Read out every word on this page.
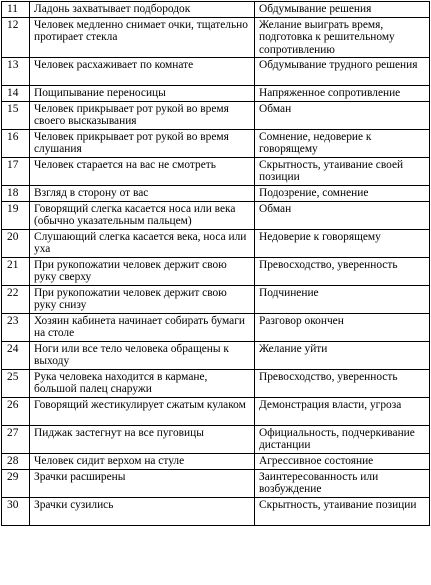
11	Ладонь захватывает подбородок	Обдумывание решения
12	Человек медленно снимает очки, тщательно протирает стекла	Желание выиграть время, подготовка к решительному сопротивлению
13	Человек расхаживает по комнате	Обдумывание трудного решения
14	Пощипывание переносицы	Напряженное сопротивление
15	Человек прикрывает рот рукой во время своего высказывания	Обман
16	Человек прикрывает рот рукой во время слушания	Сомнение, недоверие к говорящему
17	Человек старается на вас не смотреть	Скрытность, утаивание своей позиции
18	Взгляд в сторону от вас	Подозрение, сомнение
19	Говорящий слегка касается носа или века (обычно указательным пальцем)	Обман
20	Слушающий слегка касается века, носа или уха	Недоверие к говорящему
21	При рукопожатии человек держит свою руку сверху	Превосходство, уверенность
22	При рукопожатии человек держит свою руку снизу	Подчинение
23	Хозяин кабинета начинает собирать бумаги на столе	Разговор окончен
24	Ноги или все тело человека обращены к выходу	Желание уйти
25	Рука человека находится в кармане, большой палец снаружи	Превосходство, уверенность
26	Говорящий жестикулирует сжатым кулаком	Демонстрация власти, угроза
27	Пиджак застегнут на все пуговицы	Официальность, подчеркивание дистанции
28	Человек сидит верхом на стуле	Агрессивное состояние
29	Зрачки расширены	Заинтересованность или возбуждение
30	Зрачки сузились	Скрытность, утаивание позиции
